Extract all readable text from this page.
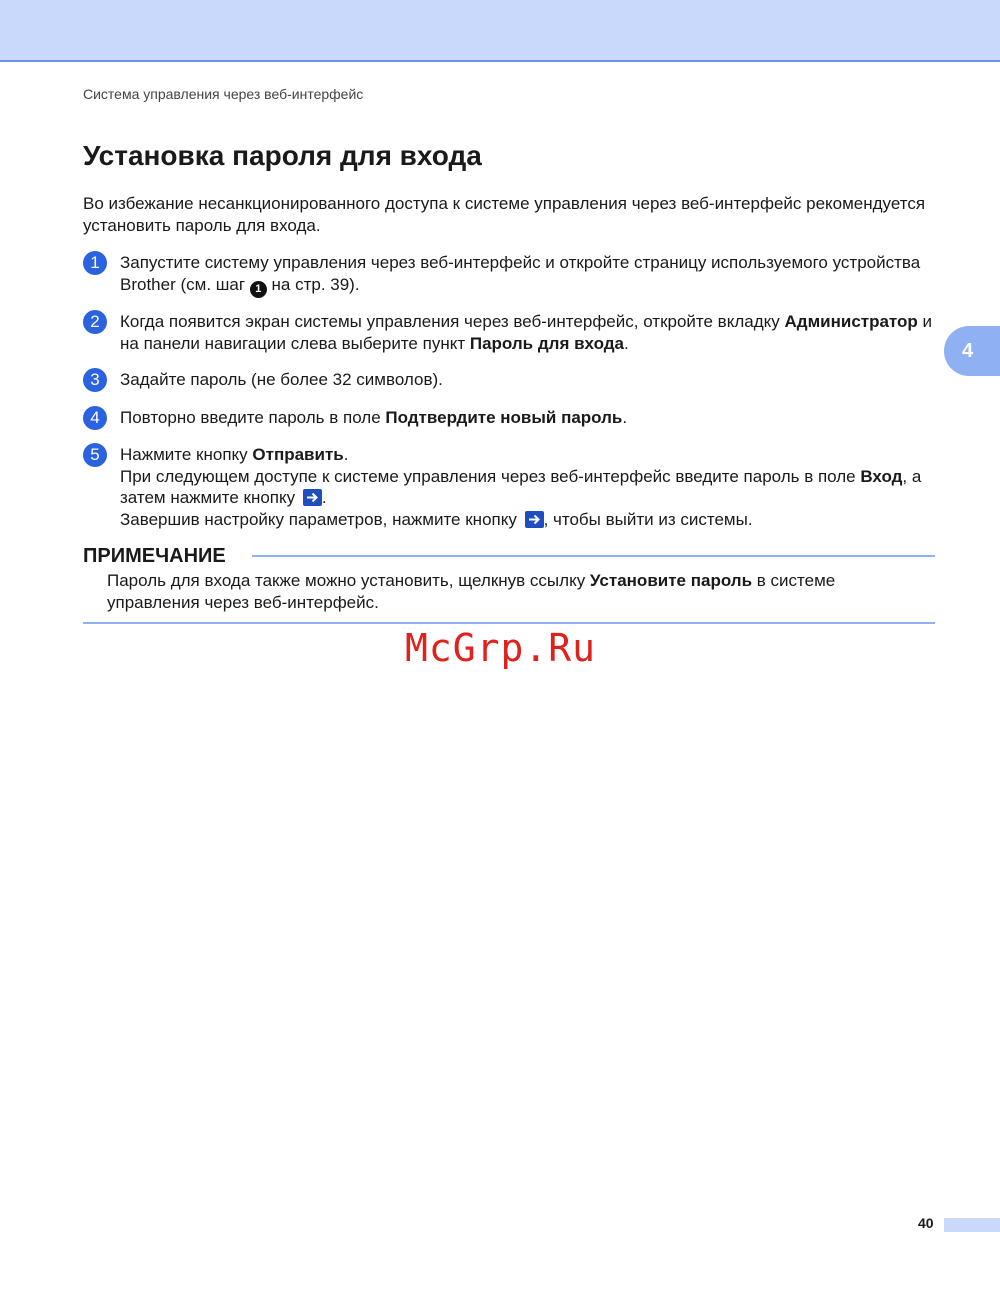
Система управления через веб-интерфейс
Установка пароля для входа

Во избежание несанкционированного доступа к системе управления через веб-интерфейс рекомендуется установить пароль для входа.

1	Запустите систему управления через веб-интерфейс и откройте страницу используемого устройства Brother (см. шаг 1 на стр. 39).

2	Когда появится экран системы управления через веб-интерфейс, откройте вкладку Администратор и на панели навигации слева выберите пункт Пароль для входа.

3	Задайте пароль (не более 32 символов).

4	Повторно введите пароль в поле Подтвердите новый пароль.

5	Нажмите кнопку Отправить.
При следующем доступе к системе управления через веб-интерфейс введите пароль в поле Вход, а затем нажмите кнопку
.
Завершив настройку параметров, нажмите кнопку
, чтобы выйти из системы.

4
ПРИМЕЧАНИЕ

Пароль для входа также можно установить, щелкнув ссылку Установите пароль в системе управления через веб-интерфейс.

McGrp.Ru
40
